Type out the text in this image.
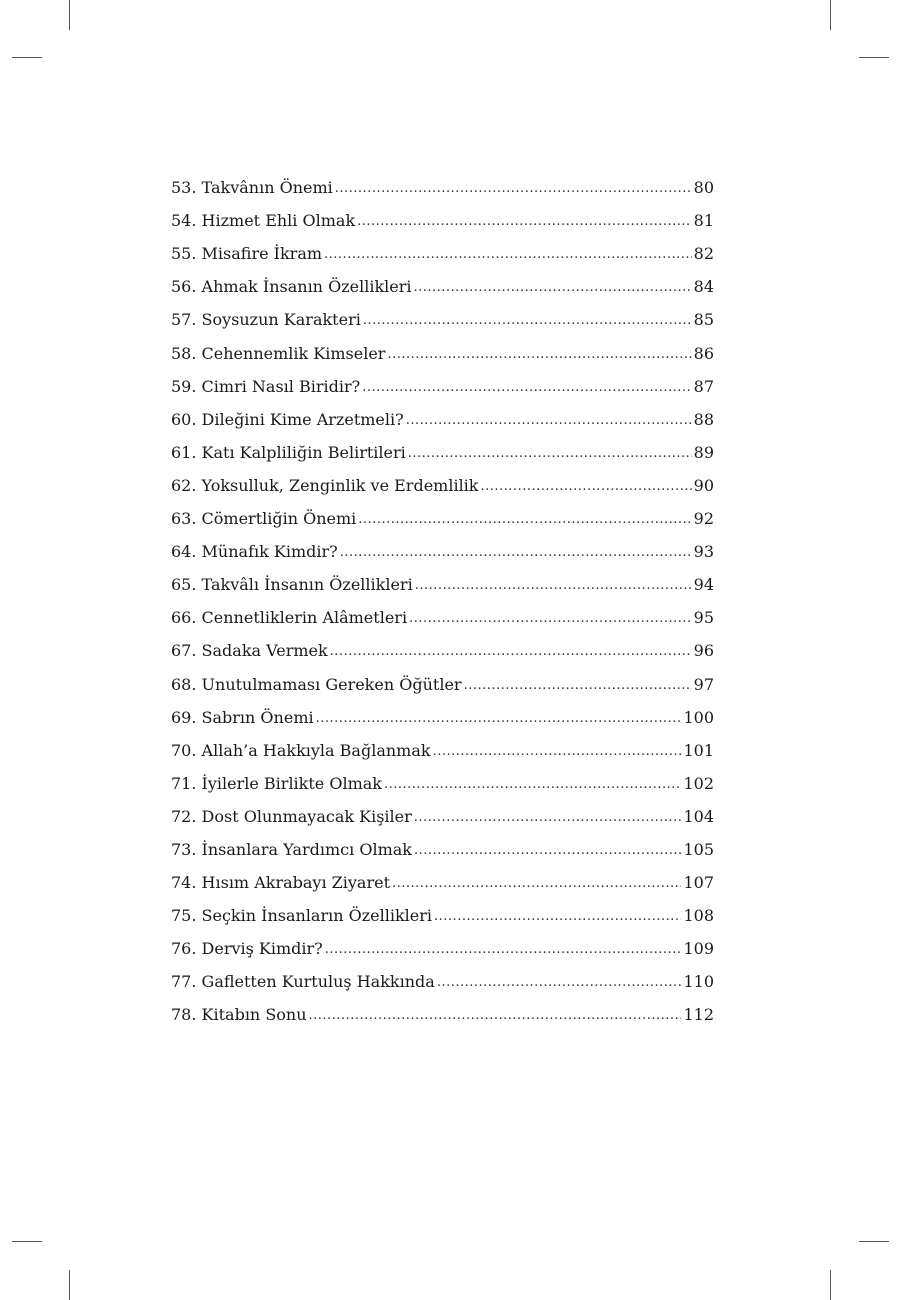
53. Takvânın Önemi .....	80
54. Hizmet Ehli Olmak .....	81
55. Misafire İkram .....	82
56. Ahmak İnsanın Özellikleri .....	84
57. Soysuzun Karakteri .....	85
58. Cehennemlik Kimseler .....	86
59. Cimri Nasıl Biridir? .....	87
60. Dileğini Kime Arzetmeli? .....	88
61. Katı Kalpliliğin Belirtileri .....	89
62. Yoksulluk, Zenginlik ve Erdemlilik .....	90
63. Cömertliğin Önemi .....	92
64. Münafık Kimdir? .....	93
65. Takvâlı İnsanın Özellikleri .....	94
66. Cennetliklerin Alâmetleri .....	95
67. Sadaka Vermek .....	96
68. Unutulmaması Gereken Öğütler .....	97
69. Sabrın Önemi .....	100
70. Allah’a Hakkıyla Bağlanmak .....	101
71. İyilerle Birlikte Olmak .....	102
72. Dost Olunmayacak Kişiler .....	104
73. İnsanlara Yardımcı Olmak .....	105
74. Hısım Akrabayı Ziyaret .....	107
75. Seçkin İnsanların Özellikleri .....	108
76. Derviş Kimdir? .....	109
77. Gafletten Kurtuluş Hakkında .....	110
78. Kitabın Sonu .....	112
